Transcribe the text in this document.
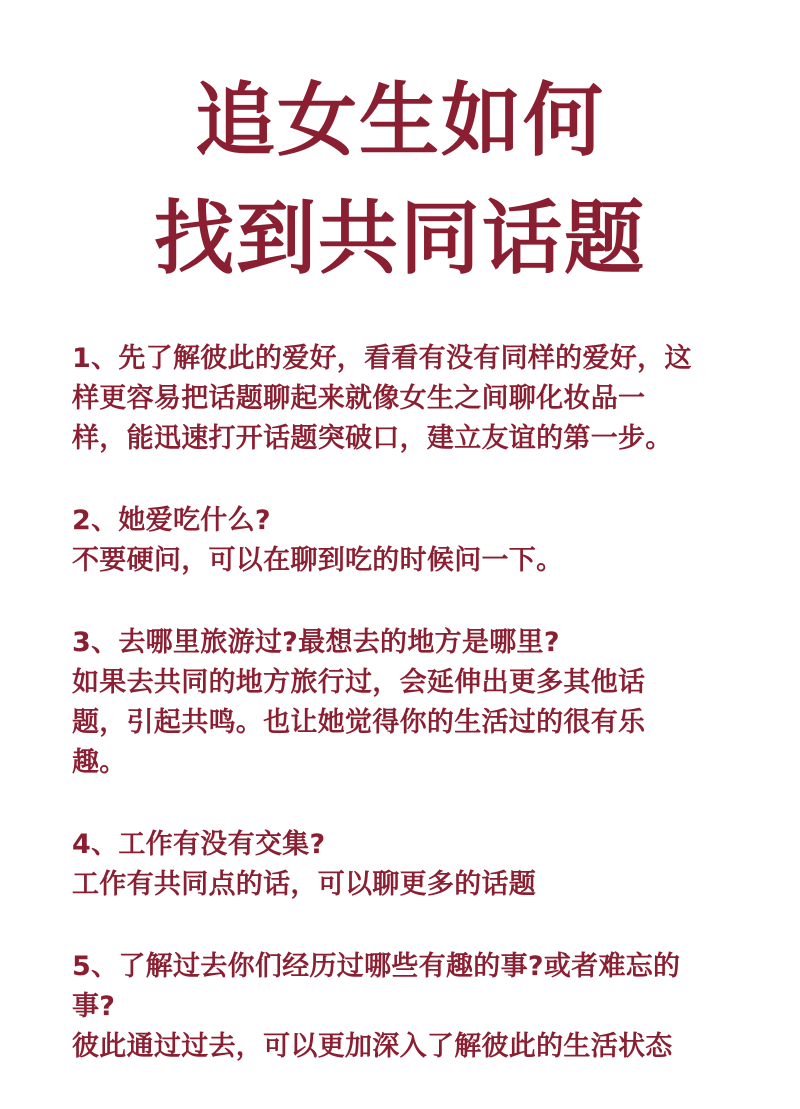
追女生如何
找到共同话题
1、先了解彼此的爱好，看看有没有同样的爱好，这
样更容易把话题聊起来就像女生之间聊化妆品一
样，能迅速打开话题突破口，建立友谊的第一步。
2、她爱吃什么?
不要硬问，可以在聊到吃的时候问一下。
3、去哪里旅游过?最想去的地方是哪里?
如果去共同的地方旅行过，会延伸出更多其他话
题，引起共鸣。也让她觉得你的生活过的很有乐
趣。
4、工作有没有交集?
工作有共同点的话，可以聊更多的话题
5、了解过去你们经历过哪些有趣的事?或者难忘的
事?
彼此通过过去，可以更加深入了解彼此的生活状态
